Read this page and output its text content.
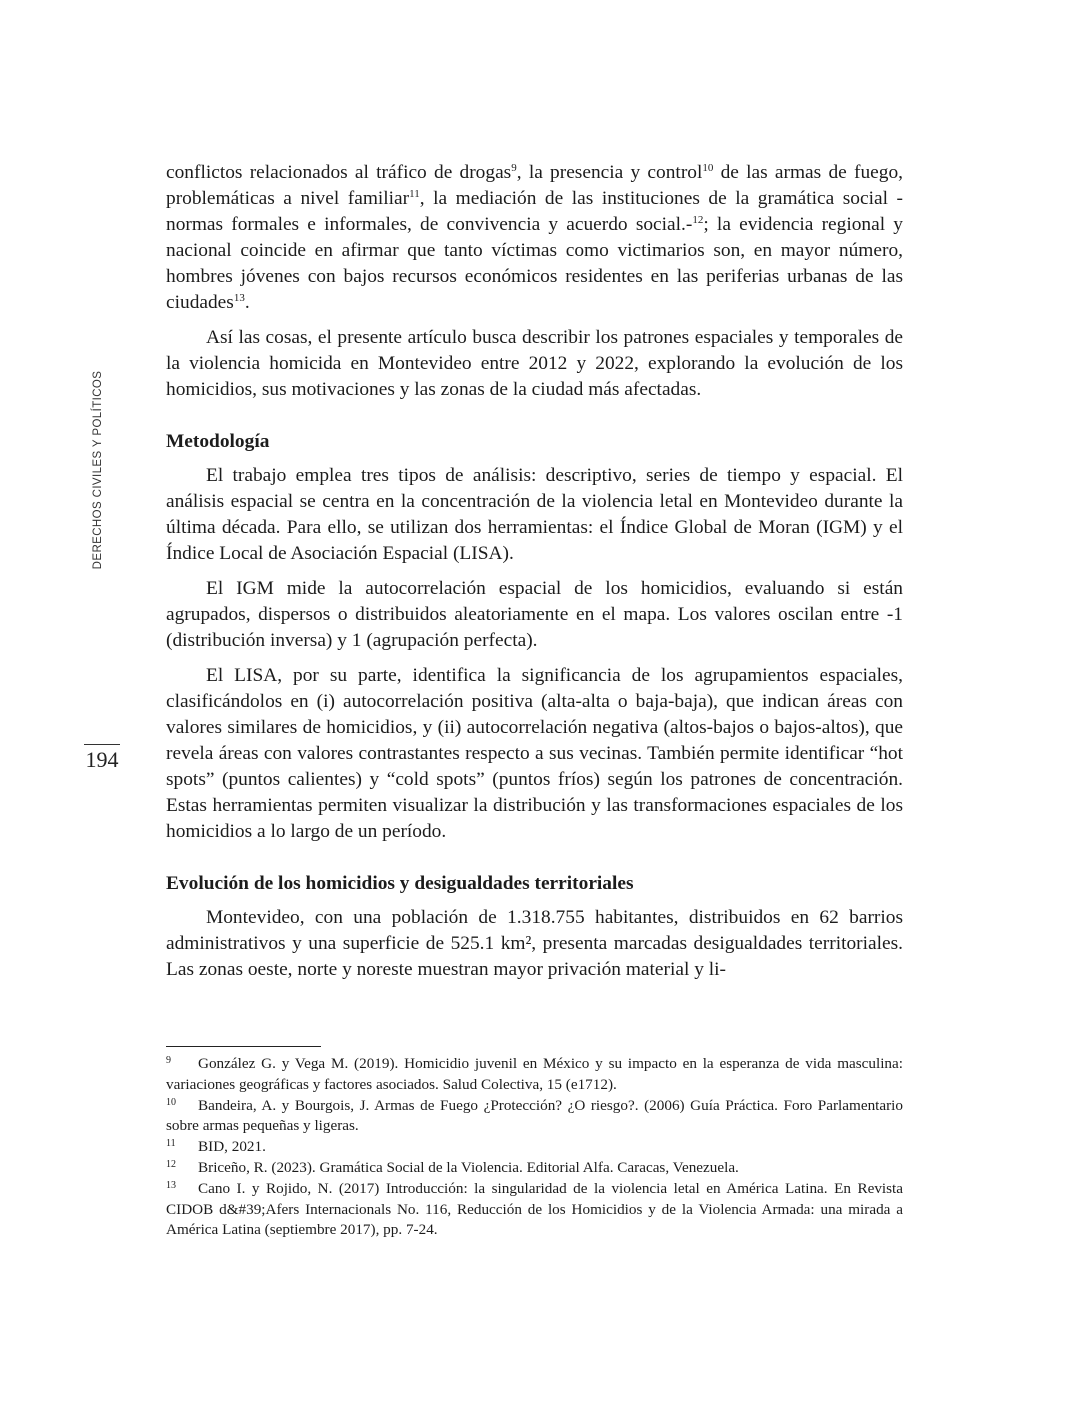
DERECHOS CIVILES Y POLÍTICOS
194

conflictos relacionados al tráfico de drogas$^9$, la presencia y control$^{10}$ de las armas de fuego, problemáticas a nivel familiar$^{11}$, la mediación de las instituciones de la gramática social -normas formales e informales, de convivencia y acuerdo social.-$^{12}$; la evidencia regional y nacional coincide en afirmar que tanto víctimas como victimarios son, en mayor número, hombres jóvenes con bajos recursos económicos residentes en las periferias urbanas de las ciudades$^{13}$.

Así las cosas, el presente artículo busca describir los patrones espaciales y temporales de la violencia homicida en Montevideo entre 2012 y 2022, explorando la evolución de los homicidios, sus motivaciones y las zonas de la ciudad más afectadas.

Metodología

El trabajo emplea tres tipos de análisis: descriptivo, series de tiempo y espacial. El análisis espacial se centra en la concentración de la violencia letal en Montevideo durante la última década. Para ello, se utilizan dos herramientas: el Índice Global de Moran (IGM) y el Índice Local de Asociación Espacial (LISA).

El IGM mide la autocorrelación espacial de los homicidios, evaluando si están agrupados, dispersos o distribuidos aleatoriamente en el mapa. Los valores oscilan entre -1 (distribución inversa) y 1 (agrupación perfecta).

El LISA, por su parte, identifica la significancia de los agrupamientos espaciales, clasificándolos en (i) autocorrelación positiva (alta-alta o baja-baja), que indican áreas con valores similares de homicidios, y (ii) autocorrelación negativa (altos-bajos o bajos-altos), que revela áreas con valores contrastantes respecto a sus vecinas. También permite identificar “hot spots” (puntos calientes) y “cold spots” (puntos fríos) según los patrones de concentración. Estas herramientas permiten visualizar la distribución y las transformaciones espaciales de los homicidios a lo largo de un período.

Evolución de los homicidios y desigualdades territoriales

Montevideo, con una población de 1.318.755 habitantes, distribuidos en 62 barrios administrativos y una superficie de 525.1 km², presenta marcadas desigualdades territoriales. Las zonas oeste, norte y noreste muestran mayor privación material y li-

9 González G. y Vega M. (2019). Homicidio juvenil en México y su impacto en la esperanza de vida masculina: variaciones geográficas y factores asociados. Salud Colectiva, 15 (e1712).

10 Bandeira, A. y Bourgois, J. Armas de Fuego ¿Protección? ¿O riesgo?. (2006) Guía Práctica. Foro Parlamentario sobre armas pequeñas y ligeras.

11 BID, 2021.

12 Briceño, R. (2023). Gramática Social de la Violencia. Editorial Alfa. Caracas, Venezuela.

13 Cano I. y Rojido, N. (2017) Introducción: la singularidad de la violencia letal en América Latina. En Revista CIDOB d&#39;Afers Internacionals No. 116, Reducción de los Homicidios y de la Violencia Armada: una mirada a América Latina (septiembre 2017), pp. 7-24.
